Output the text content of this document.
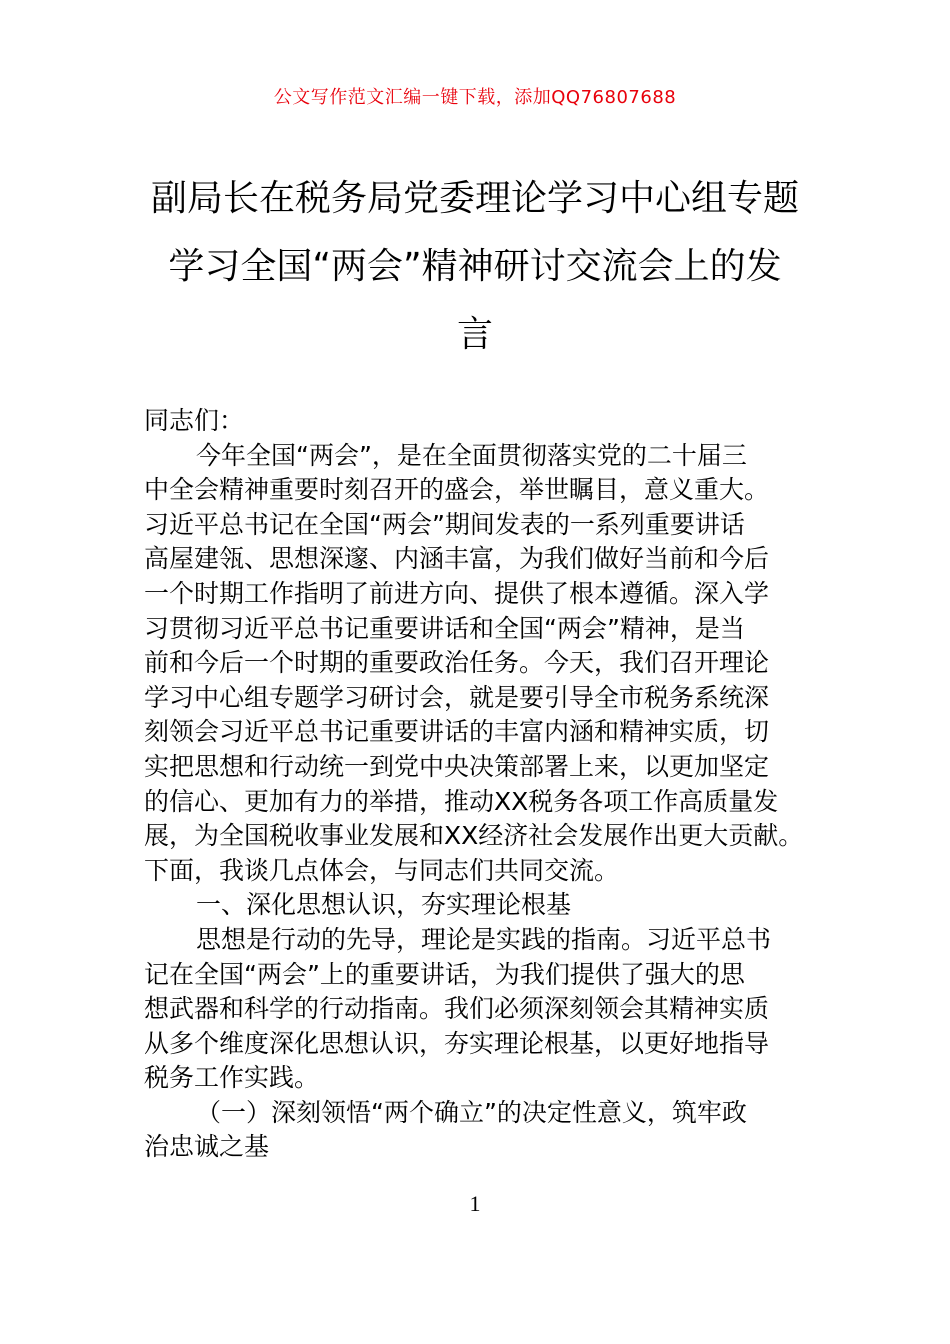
公文写作范文汇编一键下载，添加QQ76807688
副局长在税务局党委理论学习中心组专题
学习全国“两会”精神研讨交流会上的发
言

同志们：

今年全国“两会”，是在全面贯彻落实党的二十届三

中全会精神重要时刻召开的盛会，举世瞩目，意义重大。

习近平总书记在全国“两会”期间发表的一系列重要讲话

高屋建瓴、思想深邃、内涵丰富，为我们做好当前和今后

一个时期工作指明了前进方向、提供了根本遵循。深入学

习贯彻习近平总书记重要讲话和全国“两会”精神，是当

前和今后一个时期的重要政治任务。今天，我们召开理论

学习中心组专题学习研讨会，就是要引导全市税务系统深

刻领会习近平总书记重要讲话的丰富内涵和精神实质，切

实把思想和行动统一到党中央决策部署上来，以更加坚定

的信心、更加有力的举措，推动XX税务各项工作高质量发

展，为全国税收事业发展和XX经济社会发展作出更大贡献。

下面，我谈几点体会，与同志们共同交流。

一、深化思想认识，夯实理论根基

思想是行动的先导，理论是实践的指南。习近平总书

记在全国“两会”上的重要讲话，为我们提供了强大的思

想武器和科学的行动指南。我们必须深刻领会其精神实质

从多个维度深化思想认识，夯实理论根基，以更好地指导

税务工作实践。

（一）深刻领悟“两个确立”的决定性意义，筑牢政

治忠诚之基

1
